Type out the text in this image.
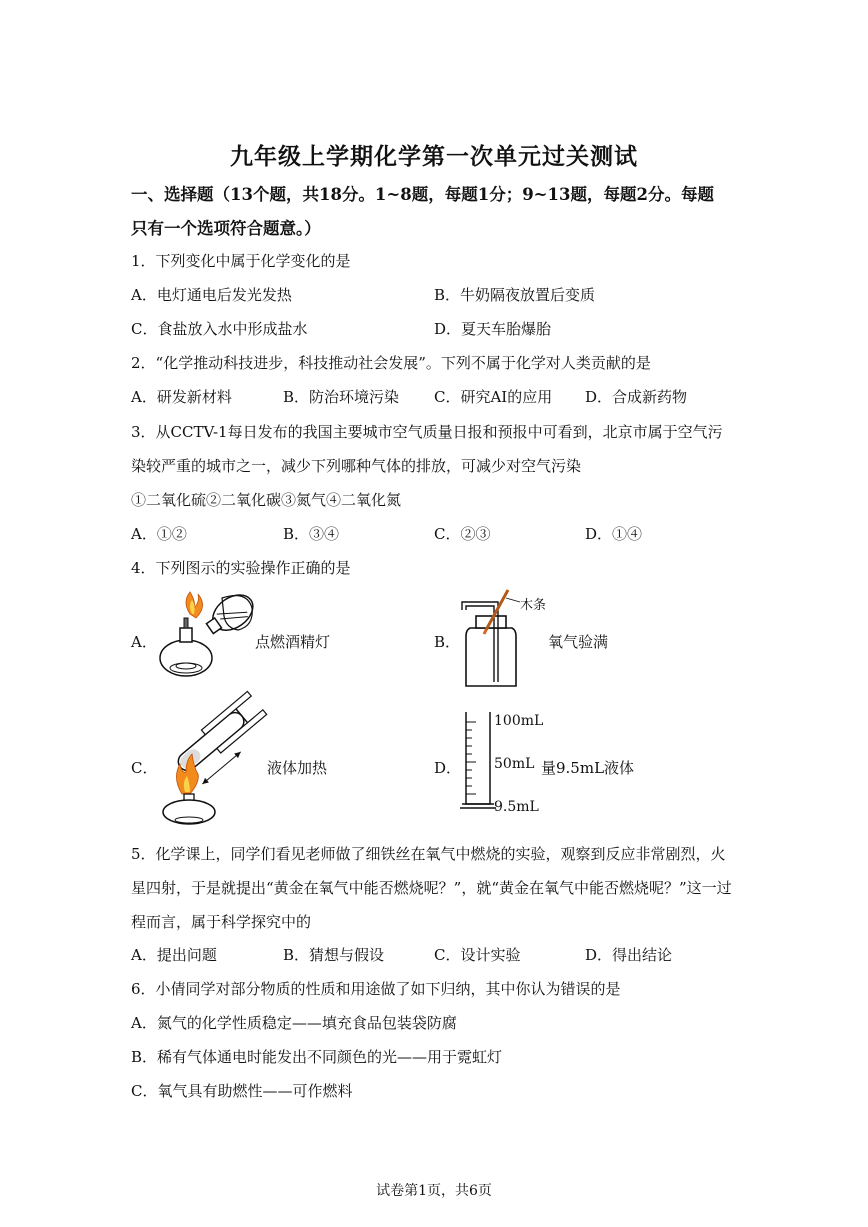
九年级上学期化学第一次单元过关测试
一、选择题（13个题，共18分。1~8题，每题1分；9~13题，每题2分。每题
只有一个选项符合题意。）
1．下列变化中属于化学变化的是
A．电灯通电后发光发热	B．牛奶隔夜放置后变质
C．食盐放入水中形成盐水	D．夏天车胎爆胎
2．“化学推动科技进步，科技推动社会发展”。下列不属于化学对人类贡献的是
A．研发新材料	B．防治环境污染 C．研究AI的应用 D．合成新药物
3．从CCTV-1每日发布的我国主要城市空气质量日报和预报中可看到，北京市属于空气污
染较严重的城市之一，减少下列哪种气体的排放，可减少对空气污染
①二氧化硫②二氧化碳③氮气④二氧化氮
A．①②	B．③④	C．②③	D．①④
4．下列图示的实验操作正确的是
A．	点燃酒精灯	B．
木条
氧气验满
C．	液体加热	D．
100mL
50mL
9.5mL
量9.5mL液体
5．化学课上，同学们看见老师做了细铁丝在氧气中燃烧的实验，观察到反应非常剧烈，火
星四射，于是就提出“黄金在氧气中能否燃烧呢？”，就“黄金在氧气中能否燃烧呢？”这一过
程而言，属于科学探究中的
A．提出问题	B．猜想与假设	C．设计实验	D．得出结论
6．小倩同学对部分物质的性质和用途做了如下归纳，其中你认为错误的是
A．氮气的化学性质稳定——填充食品包装袋防腐
B．稀有气体通电时能发出不同颜色的光——用于霓虹灯
C．氧气具有助燃性——可作燃料
试卷第1页，共6页
